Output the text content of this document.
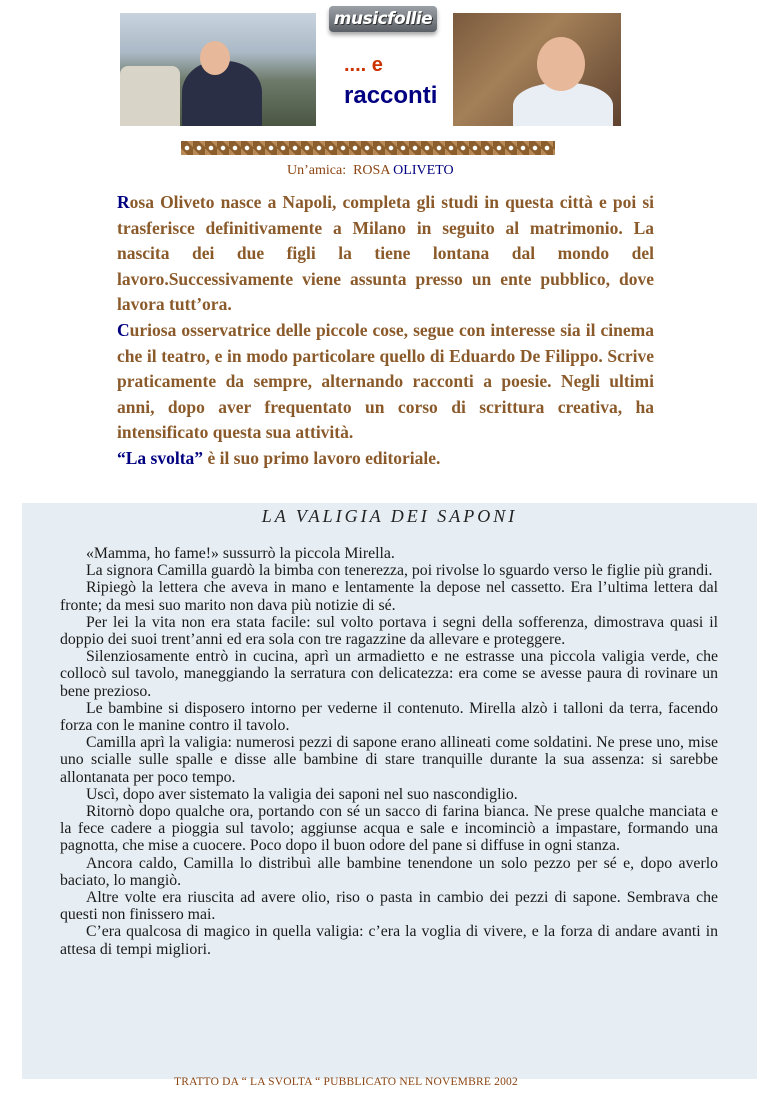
musicfollie
.... e
racconti
Un’amica: ROSA OLIVETO

Rosa Oliveto nasce a Napoli, completa gli studi in questa città e poi si trasferisce definitivamente a Milano in seguito al matrimonio. La nascita dei due figli la tiene lontana dal mondo del lavoro.Successivamente viene assunta presso un ente pubblico, dove lavora tutt’ora.

Curiosa osservatrice delle piccole cose, segue con interesse sia il cinema che il teatro, e in modo particolare quello di Eduardo De Filippo. Scrive praticamente da sempre, alternando racconti a poesie. Negli ultimi anni, dopo aver frequentato un corso di scrittura creativa, ha intensificato questa sua attività.

“La svolta” è il suo primo lavoro editoriale.

LA VALIGIA DEI SAPONI

«Mamma, ho fame!» sussurrò la piccola Mirella.

La signora Camilla guardò la bimba con tenerezza, poi rivolse lo sguardo verso le figlie più grandi.

Ripiegò la lettera che aveva in mano e lentamente la depose nel cassetto. Era l’ultima lettera dal fronte; da mesi suo marito non dava più notizie di sé.

Per lei la vita non era stata facile: sul volto portava i segni della sofferenza, dimostrava quasi il doppio dei suoi trent’anni ed era sola con tre ragazzine da allevare e proteggere.

Silenziosamente entrò in cucina, aprì un armadietto e ne estrasse una piccola valigia verde, che collocò sul tavolo, maneggiando la serratura con delicatezza: era come se avesse paura di rovinare un bene prezioso.

Le bambine si disposero intorno per vederne il contenuto. Mirella alzò i talloni da terra, facendo forza con le manine contro il tavolo.

Camilla aprì la valigia: numerosi pezzi di sapone erano allineati come soldatini. Ne prese uno, mise uno scialle sulle spalle e disse alle bambine di stare tranquille durante la sua assenza: si sarebbe allontanata per poco tempo.

Uscì, dopo aver sistemato la valigia dei saponi nel suo nascondiglio.

Ritornò dopo qualche ora, portando con sé un sacco di farina bianca. Ne prese qualche manciata e la fece cadere a pioggia sul tavolo; aggiunse acqua e sale e incominciò a impastare, formando una pagnotta, che mise a cuocere. Poco dopo il buon odore del pane si diffuse in ogni stanza.

Ancora caldo, Camilla lo distribuì alle bambine tenendone un solo pezzo per sé e, dopo averlo baciato, lo mangiò.

Altre volte era riuscita ad avere olio, riso o pasta in cambio dei pezzi di sapone. Sembrava che questi non finissero mai.

C’era qualcosa di magico in quella valigia: c’era la voglia di vivere, e la forza di andare avanti in attesa di tempi migliori.

TRATTO DA “ LA SVOLTA “ PUBBLICATO NEL NOVEMBRE 2002
